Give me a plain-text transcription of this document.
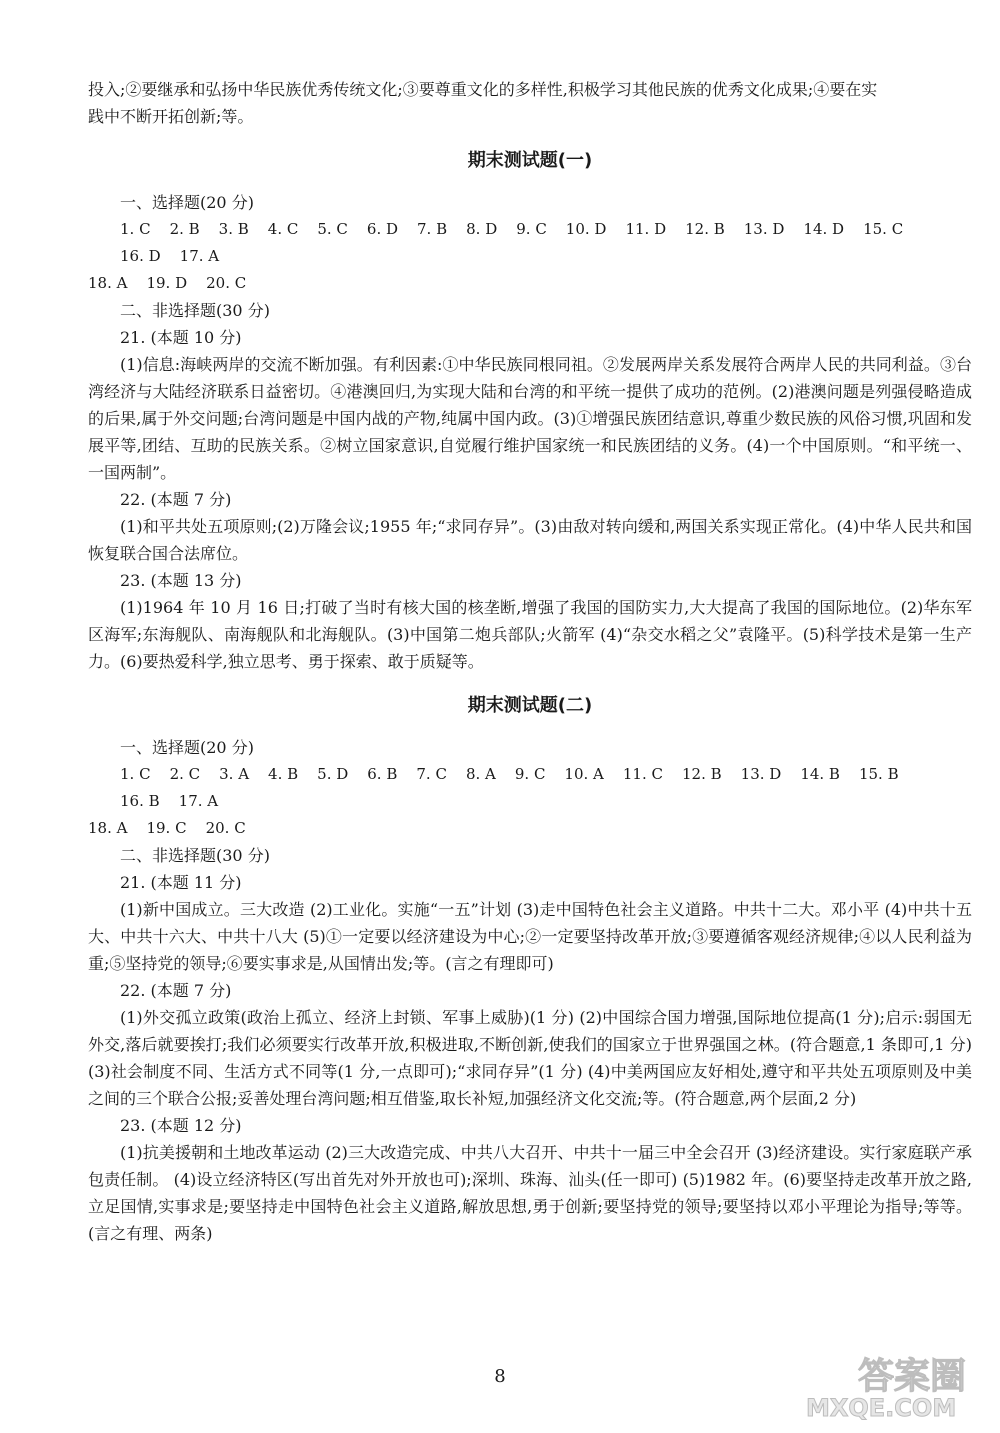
投入;②要继承和弘扬中华民族优秀传统文化;③要尊重文化的多样性,积极学习其他民族的优秀文化成果;④要在实

践中不断开拓创新;等。

期末测试题(一)

一、选择题(20 分)

1. C 2. B 3. B 4. C 5. C 6. D 7. B 8. D 9. C 10. D 11. D 12. B 13. D 14. D 15. C
16. D 17. A
18. A 19. D 20. C

二、非选择题(30 分)

21. (本题 10 分)

(1)信息:海峡两岸的交流不断加强。有利因素:①中华民族同根同祖。②发展两岸关系发展符合两岸人民的共同利益。③台湾经济与大陆经济联系日益密切。④港澳回归,为实现大陆和台湾的和平统一提供了成功的范例。(2)港澳问题是列强侵略造成的后果,属于外交问题;台湾问题是中国内战的产物,纯属中国内政。(3)①增强民族团结意识,尊重少数民族的风俗习惯,巩固和发展平等,团结、互助的民族关系。②树立国家意识,自觉履行维护国家统一和民族团结的义务。(4)一个中国原则。“和平统一、一国两制”。

22. (本题 7 分)

(1)和平共处五项原则;(2)万隆会议;1955 年;“求同存异”。(3)由敌对转向缓和,两国关系实现正常化。(4)中华人民共和国恢复联合国合法席位。

23. (本题 13 分)

(1)1964 年 10 月 16 日;打破了当时有核大国的核垄断,增强了我国的国防实力,大大提高了我国的国际地位。(2)华东军区海军;东海舰队、南海舰队和北海舰队。(3)中国第二炮兵部队;火箭军 (4)“杂交水稻之父”袁隆平。(5)科学技术是第一生产力。(6)要热爱科学,独立思考、勇于探索、敢于质疑等。

期末测试题(二)

一、选择题(20 分)

1. C 2. C 3. A 4. B 5. D 6. B 7. C 8. A 9. C 10. A 11. C 12. B 13. D 14. B 15. B
16. B 17. A
18. A 19. C 20. C

二、非选择题(30 分)

21. (本题 11 分)

(1)新中国成立。三大改造 (2)工业化。实施“一五”计划 (3)走中国特色社会主义道路。中共十二大。邓小平 (4)中共十五大、中共十六大、中共十八大 (5)①一定要以经济建设为中心;②一定要坚持改革开放;③要遵循客观经济规律;④以人民利益为重;⑤坚持党的领导;⑥要实事求是,从国情出发;等。(言之有理即可)

22. (本题 7 分)

(1)外交孤立政策(政治上孤立、经济上封锁、军事上威胁)(1 分) (2)中国综合国力增强,国际地位提高(1 分);启示:弱国无外交,落后就要挨打;我们必须要实行改革开放,积极进取,不断创新,使我们的国家立于世界强国之林。(符合题意,1 条即可,1 分) (3)社会制度不同、生活方式不同等(1 分,一点即可);“求同存异”(1 分) (4)中美两国应友好相处,遵守和平共处五项原则及中美之间的三个联合公报;妥善处理台湾问题;相互借鉴,取长补短,加强经济文化交流;等。(符合题意,两个层面,2 分)

23. (本题 12 分)

(1)抗美援朝和土地改革运动 (2)三大改造完成、中共八大召开、中共十一届三中全会召开 (3)经济建设。实行家庭联产承包责任制。 (4)设立经济特区(写出首先对外开放也可);深圳、珠海、汕头(任一即可) (5)1982 年。(6)要坚持走改革开放之路,立足国情,实事求是;要坚持走中国特色社会主义道路,解放思想,勇于创新;要坚持党的领导;要坚持以邓小平理论为指导;等等。(言之有理、两条)

8	答案圈
MXQE.COM
